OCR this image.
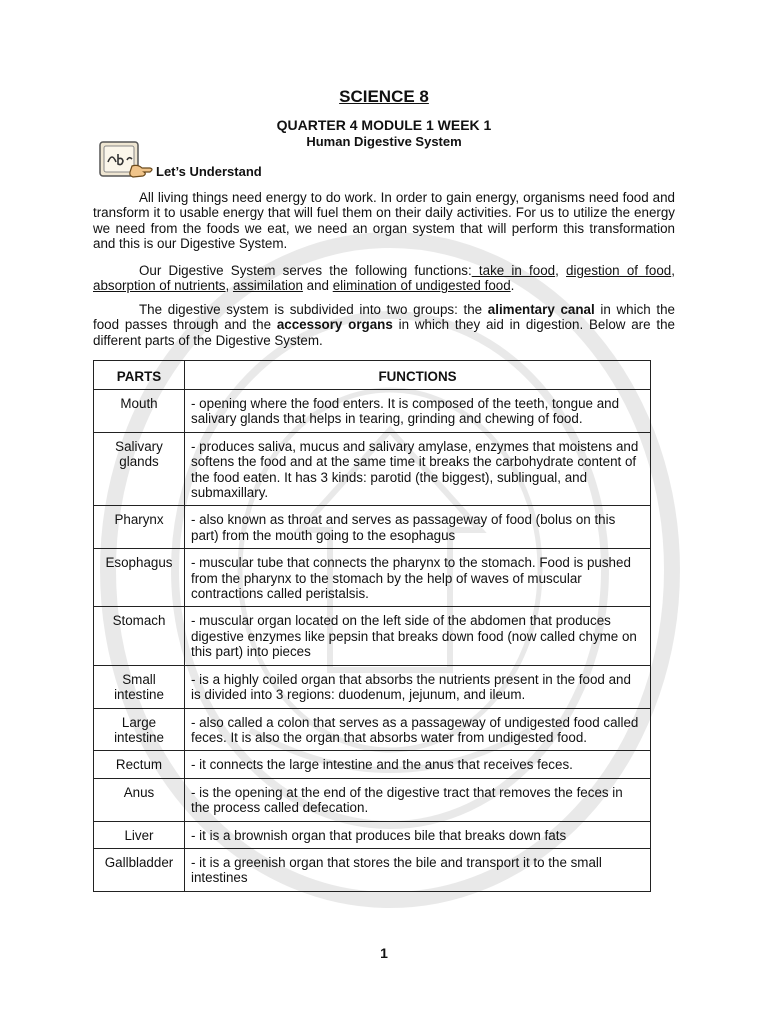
SCIENCE 8
QUARTER 4 MODULE 1 WEEK 1
Human Digestive System
Let’s Understand

All living things need energy to do work. In order to gain energy, organisms need food and transform it to usable energy that will fuel them on their daily activities. For us to utilize the energy we need from the foods we eat, we need an organ system that will perform this transformation and this is our Digestive System.

Our Digestive System serves the following functions: take in food, digestion of food, absorption of nutrients, assimilation and elimination of undigested food.

The digestive system is subdivided into two groups: the alimentary canal in which the food passes through and the accessory organs in which they aid in digestion. Below are the different parts of the Digestive System.

PARTS	FUNCTIONS
Mouth	- opening where the food enters. It is composed of the teeth, tongue and salivary glands that helps in tearing, grinding and chewing of food.
Salivary glands	- produces saliva, mucus and salivary amylase, enzymes that moistens and softens the food and at the same time it breaks the carbohydrate content of the food eaten. It has 3 kinds: parotid (the biggest), sublingual, and submaxillary.
Pharynx	- also known as throat and serves as passageway of food (bolus on this part) from the mouth going to the esophagus
Esophagus	- muscular tube that connects the pharynx to the stomach. Food is pushed from the pharynx to the stomach by the help of waves of muscular contractions called peristalsis.
Stomach	- muscular organ located on the left side of the abdomen that produces digestive enzymes like pepsin that breaks down food (now called chyme on this part) into pieces
Small intestine	- is a highly coiled organ that absorbs the nutrients present in the food and is divided into 3 regions: duodenum, jejunum, and ileum.
Large intestine	- also called a colon that serves as a passageway of undigested food called feces. It is also the organ that absorbs water from undigested food.
Rectum	- it connects the large intestine and the anus that receives feces.
Anus	- is the opening at the end of the digestive tract that removes the feces in the process called defecation.
Liver	- it is a brownish organ that produces bile that breaks down fats
Gallbladder	- it is a greenish organ that stores the bile and transport it to the small intestines
1
